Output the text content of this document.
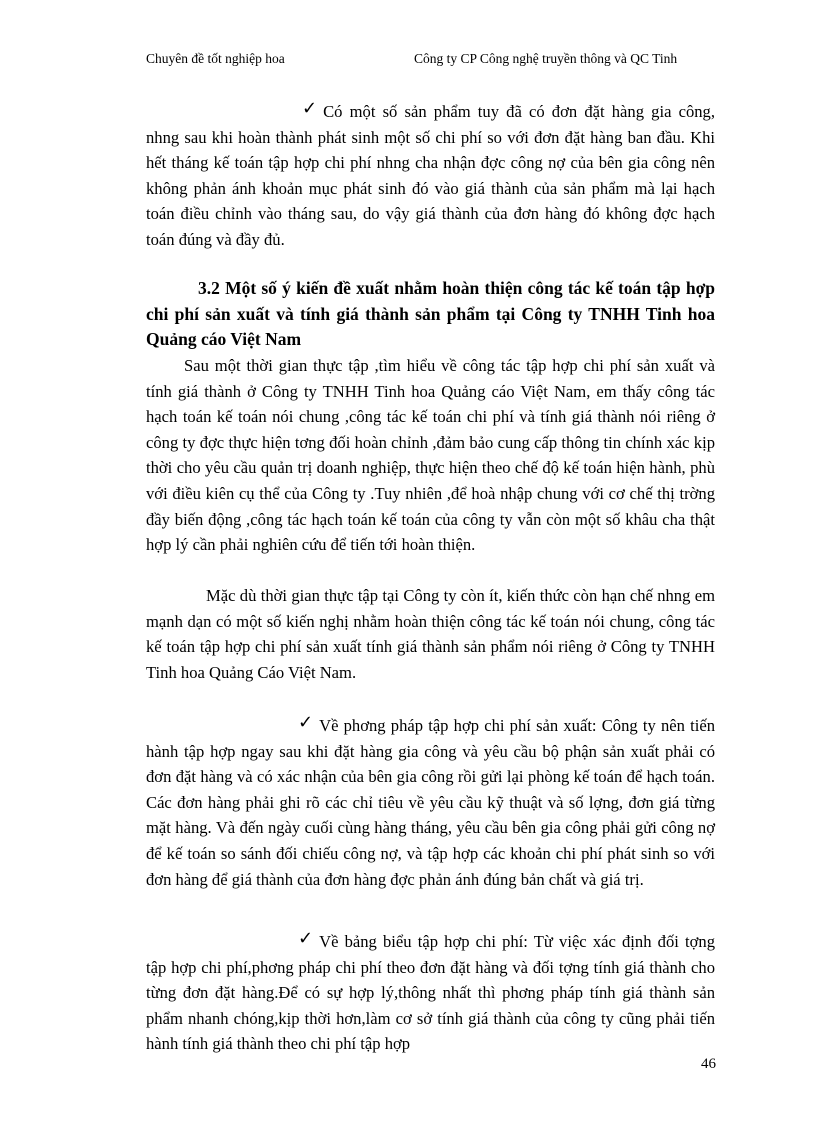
Chuyên đề tốt nghiệp hoa	Công ty CP Công nghệ truyền thông và QC Tinh

✓ Có một số sản phẩm tuy đã có đơn đặt hàng gia công, nhng sau khi hoàn thành phát sinh một số chi phí so với đơn đặt hàng ban đầu. Khi hết tháng kế toán tập hợp chi phí nhng cha nhận đợc công nợ của bên gia công nên không phản ánh khoản mục phát sinh đó vào giá thành của sản phẩm mà lại hạch toán điều chỉnh vào tháng sau, do vậy giá thành của đơn hàng đó không đợc hạch toán đúng và đầy đủ.

3.2 Một số ý kiến đề xuất nhằm hoàn thiện công tác kế toán tập hợp chi phí sản xuất và tính giá thành sản phẩm tại Công ty TNHH Tinh hoa Quảng cáo Việt Nam

Sau một thời gian thực tập ,tìm hiểu về công tác tập hợp chi phí sản xuất và tính giá thành ở Công ty TNHH Tinh hoa Quảng cáo Việt Nam, em thấy công tác hạch toán kế toán nói chung ,công tác kế toán chi phí và tính giá thành nói riêng ở công ty đợc thực hiện tơng đối hoàn chỉnh ,đảm bảo cung cấp thông tin chính xác kịp thời cho yêu cầu quản trị doanh nghiệp, thực hiện theo chế độ kế toán hiện hành, phù với điều kiên cụ thể của Công ty .Tuy nhiên ,để hoà nhập chung với cơ chế thị trờng đầy biến động ,công tác hạch toán kế toán của công ty vẫn còn một số khâu cha thật hợp lý cần phải nghiên cứu để tiến tới hoàn thiện.

Mặc dù thời gian thực tập tại Công ty còn ít, kiến thức còn hạn chế nhng em mạnh dạn có một số kiến nghị nhằm hoàn thiện công tác kế toán nói chung, công tác kế toán tập hợp chi phí sản xuất tính giá thành sản phẩm nói riêng ở Công ty TNHH Tinh hoa Quảng Cáo Việt Nam.

✓ Về phơng pháp tập hợp chi phí sản xuất: Công ty nên tiến hành tập hợp ngay sau khi đặt hàng gia công và yêu cầu bộ phận sản xuất phải có đơn đặt hàng và có xác nhận của bên gia công rồi gửi lại phòng kế toán để hạch toán. Các đơn hàng phải ghi rõ các chỉ tiêu về yêu cầu kỹ thuật và số lợng, đơn giá từng mặt hàng. Và đến ngày cuối cùng hàng tháng, yêu cầu bên gia công phải gửi công nợ để kế toán so sánh đối chiếu công nợ, và tập hợp các khoản chi phí phát sinh so với đơn hàng để giá thành của đơn hàng đợc phản ánh đúng bản chất và giá trị.

✓ Về bảng biểu tập hợp chi phí: Từ việc xác định đối tợng tập hợp chi phí,phơng pháp chi phí theo đơn đặt hàng và đối tợng tính giá thành cho từng đơn đặt hàng.Để có sự hợp lý,thông nhất thì phơng pháp tính giá thành sản phẩm nhanh chóng,kịp thời hơn,làm cơ sở tính giá thành của công ty cũng phải tiến hành tính giá thành theo chi phí tập hợp

46
